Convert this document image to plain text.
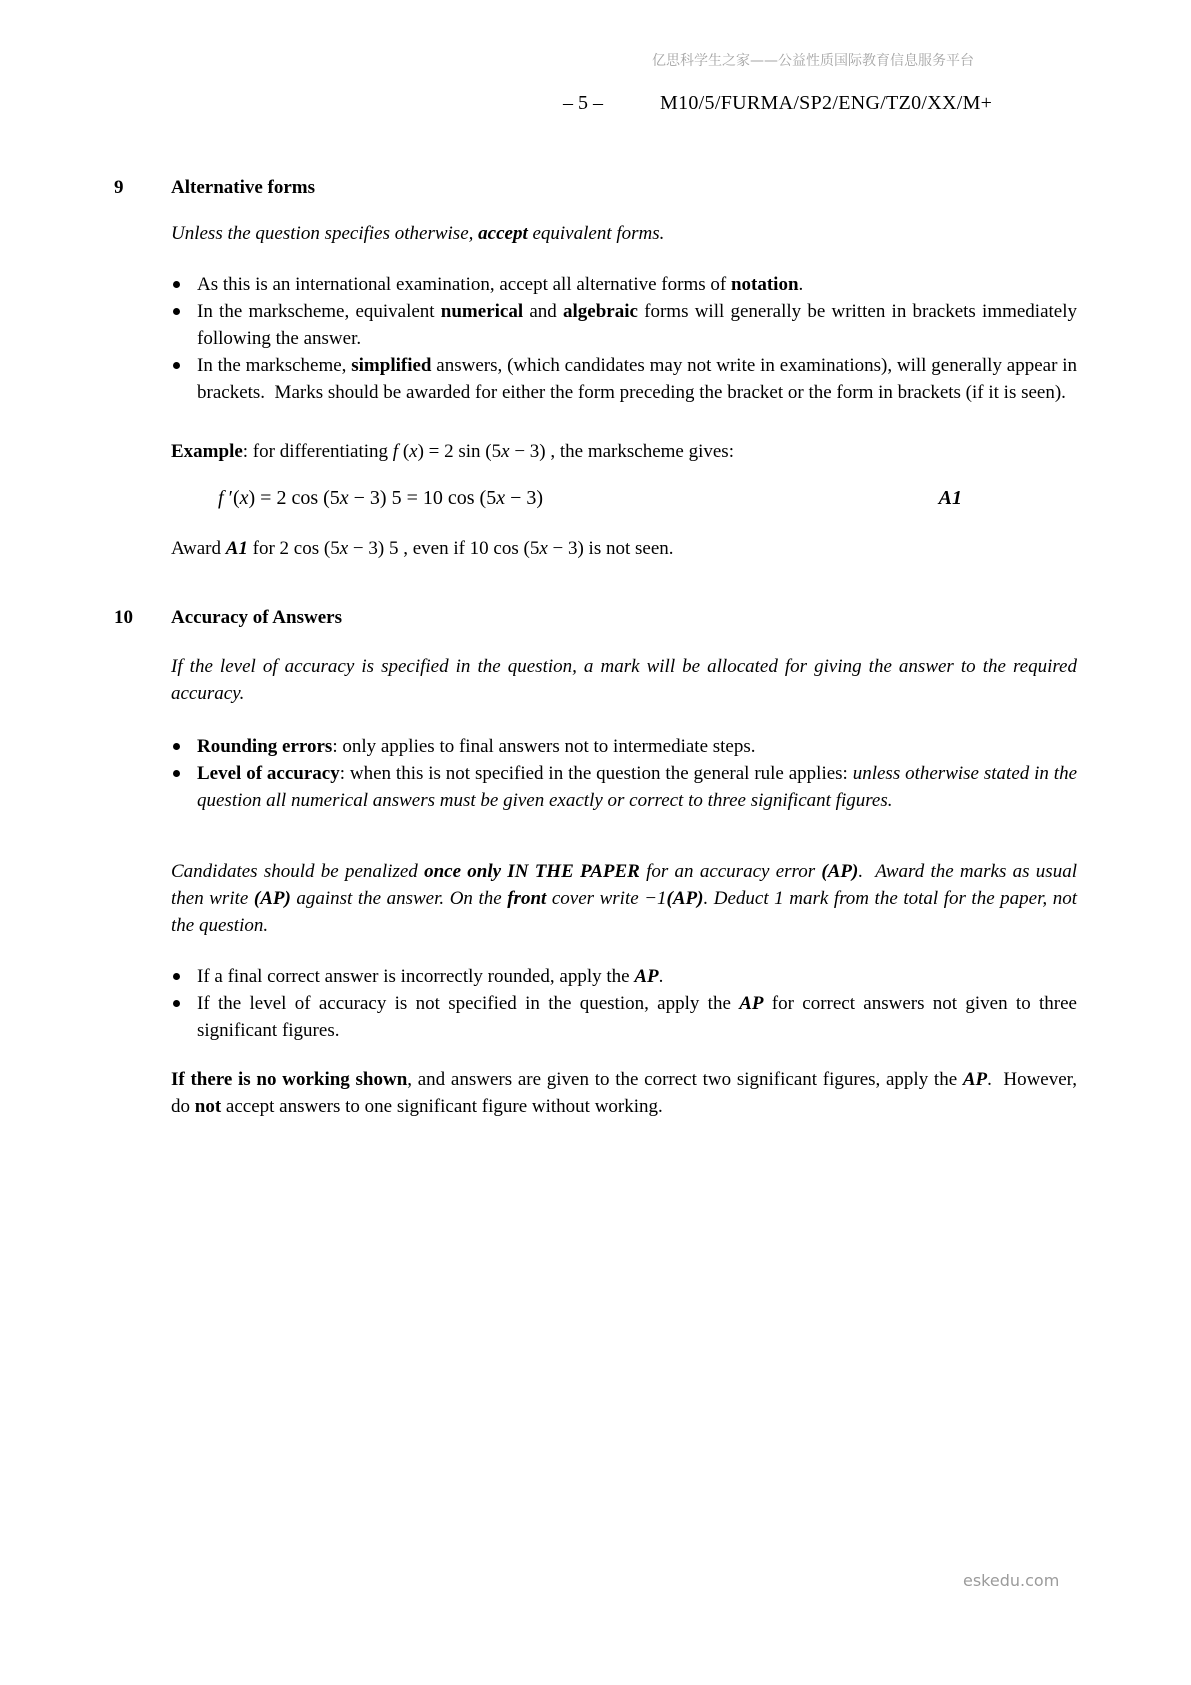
亿思科学生之家——公益性质国际教育信息服务平台
– 5 –	M10/5/FURMA/SP2/ENG/TZ0/XX/M+
9	Alternative forms
Unless the question specifies otherwise, accept equivalent forms.
As this is an international examination, accept all alternative forms of notation.
In the markscheme, equivalent numerical and algebraic forms will generally be written in brackets immediately following the answer.
In the markscheme, simplified answers, (which candidates may not write in examinations), will generally appear in brackets.  Marks should be awarded for either the form preceding the bracket or the form in brackets (if it is seen).
Example: for differentiating f (x) = 2 sin (5x − 3) , the markscheme gives:
f ′(x) = 2 cos (5x − 3) 5 = 10 cos (5x − 3)	A1
Award A1 for 2 cos (5x − 3) 5 , even if 10 cos (5x − 3) is not seen.
10	Accuracy of Answers
If the level of accuracy is specified in the question, a mark will be allocated for giving the answer to the required accuracy.
Rounding errors: only applies to final answers not to intermediate steps.
Level of accuracy: when this is not specified in the question the general rule applies: unless otherwise stated in the question all numerical answers must be given exactly or correct to three significant figures.
Candidates should be penalized once only IN THE PAPER for an accuracy error (AP).  Award the marks as usual then write (AP) against the answer. On the front cover write −1(AP). Deduct 1 mark from the total for the paper, not the question.
If a final correct answer is incorrectly rounded, apply the AP.
If the level of accuracy is not specified in the question, apply the AP for correct answers not given to three significant figures.
If there is no working shown, and answers are given to the correct two significant figures, apply the AP.  However, do not accept answers to one significant figure without working.
eskedu.com
